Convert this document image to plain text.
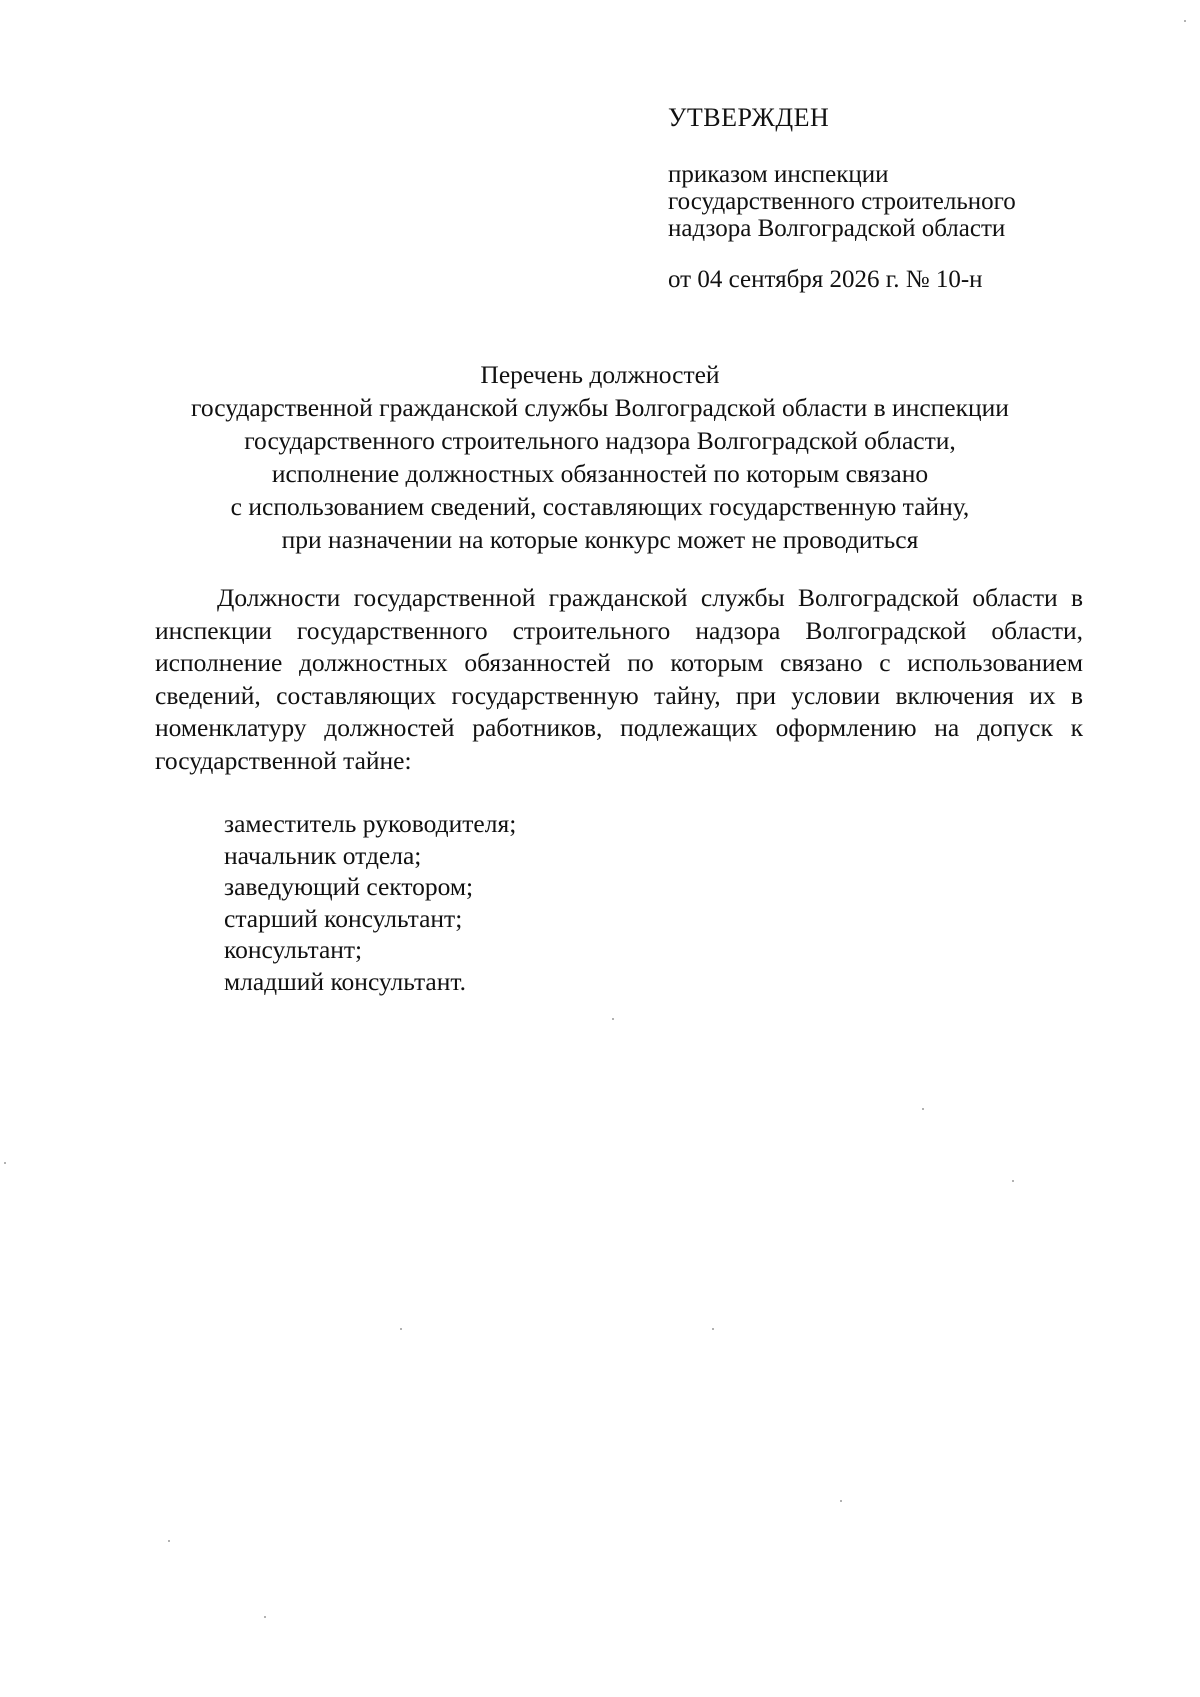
УТВЕРЖДЕН
приказом инспекции
государственного строительного
надзора Волгоградской области
от 04 сентября 2026 г. № 10-н
Перечень должностей
государственной гражданской службы Волгоградской области в инспекции
государственного строительного надзора Волгоградской области,
исполнение должностных обязанностей по которым связано
с использованием сведений, составляющих государственную тайну,
при назначении на которые конкурс может не проводиться

Должности государственной гражданской службы Волгоградской области в инспекции государственного строительного надзора Волгоградской области, исполнение должностных обязанностей по которым связано с использованием сведений, составляющих государственную тайну, при условии включения их в номенклатуру должностей работников, подлежащих оформлению на допуск к государственной тайне:

заместитель руководителя;
начальник отдела;
заведующий сектором;
старший консультант;
консультант;
младший консультант.
